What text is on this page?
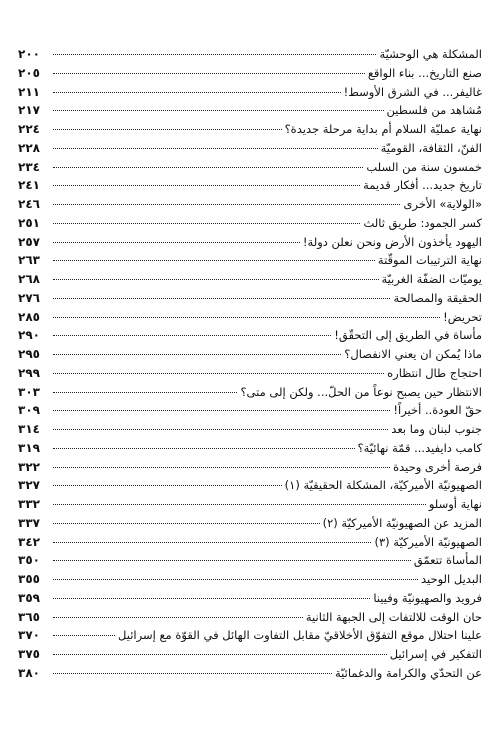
المشكلة هي الوحشيّة
٢٠٠
صنع التاريخ... بناء الواقع
٢٠٥
غاليفر... في الشرق الأوسط!
٢١١
مُشاهد من فلسطين
٢١٧
نهاية عمليّة السلام أم بداية مرحلة جديدة؟
٢٢٤
الفنّ، الثقافة، القوميّة
٢٢٨
خمسون سنة من السلب
٢٣٤
تاريخ جديد... أفكار قديمة
٢٤١
«الولاية» الأخرى
٢٤٦
كسر الجمود: طريق ثالث
٢٥١
اليهود يأخذون الأرض ونحن نعلن دولة!
٢٥٧
نهاية الترتيبات الموقّتة
٢٦٣
يوميّات الضفّة الغربيّة
٢٦٨
الحقيقة والمصالحة
٢٧٦
تحريض!
٢٨٥
مأساة في الطريق إلى التحقّق!
٢٩٠
ماذا يُمكن ان يعني الانفصال؟
٢٩٥
احتجاج طال انتظاره
٢٩٩
الانتظار حين يصبح نوعاً من الحلّ... ولكن إلى متى؟
٣٠٣
حقّ العودة.. أخيراً!
٣٠٩
جنوب لبنان وما بعد
٣١٤
كامب دايفيد... قمّة نهائيّة؟
٣١٩
فرصة أخرى وحيدة
٣٢٢
الصهيونيّة الأميركيّة، المشكلة الحقيقيّة (١)
٣٢٧
نهاية أوسلو
٣٣٢
المزيد عن الصهيونيّة الأميركيّة (٢)
٣٣٧
الصهيونيّة الأميركيّة (٣)
٣٤٢
المأساة تتعمّق
٣٥٠
البديل الوحيد
٣٥٥
فرويد والصهيونيّة وفيينا
٣٥٩
حان الوقت للالتفات إلى الجبهة الثانية
٣٦٥
علينا احتلال موقع التفوّق الأخلاقيّ مقابل التفاوت الهائل في القوّة مع إسرائيل
٣٧٠
التفكير في إسرائيل
٣٧٥
عن التحدّي والكرامة والدغمائيّة
٣٨٠
